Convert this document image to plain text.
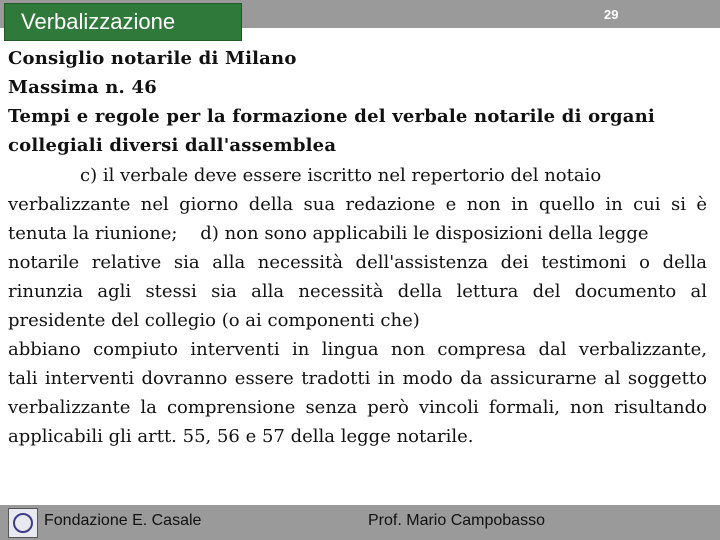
Verbalizzazione	29
Consiglio notarile di Milano
Massima n. 46
Tempi e regole per la formazione del verbale notarile di organi
collegiali diversi dall'assemblea
c) il verbale deve essere iscritto nel repertorio del notaio
verbalizzante nel giorno della sua redazione e non in quello in cui si è
tenuta la riunione;    d) non sono applicabili le disposizioni della legge
notarile relative sia alla necessità dell'assistenza dei testimoni o della
rinunzia agli stessi sia alla necessità della lettura del documento al
presidente del collegio (o ai componenti che)
abbiano compiuto interventi in lingua non compresa dal verbalizzante,
tali interventi dovranno essere tradotti in modo da assicurarne al soggetto
verbalizzante la comprensione senza però vincoli formali, non risultando
applicabili gli artt. 55, 56 e 57 della legge notarile.
Fondazione E. Casale	Prof. Mario Campobasso
